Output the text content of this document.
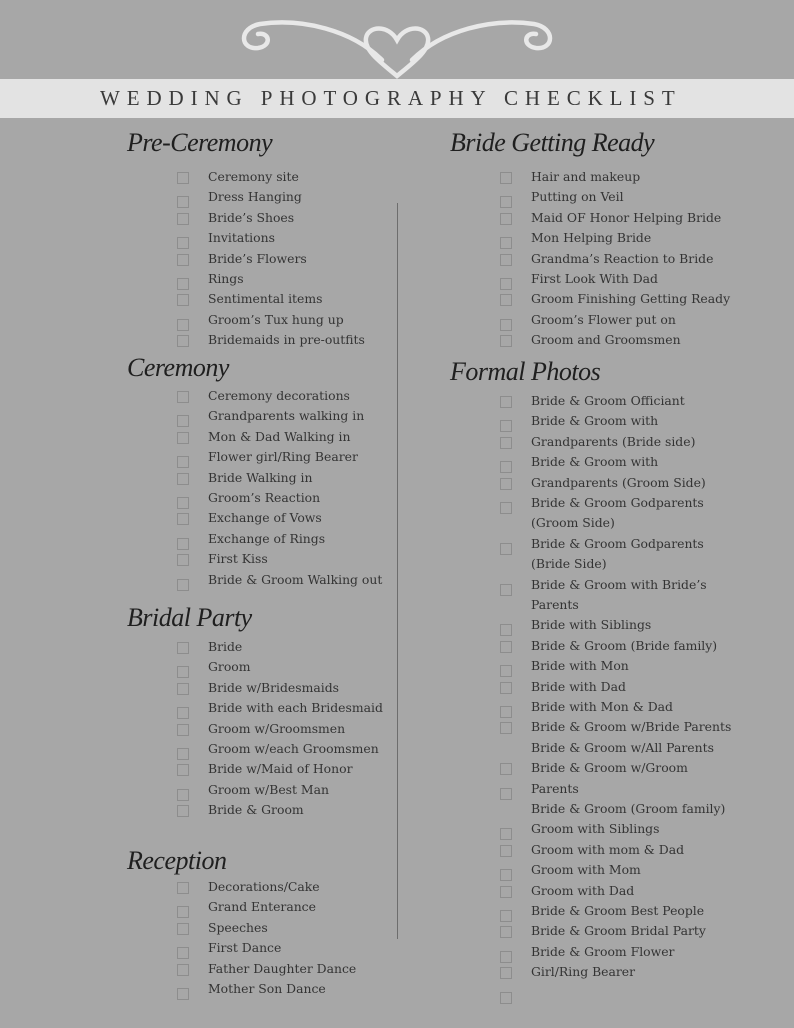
WEDDING PHOTOGRAPHY CHECKLIST
Pre-Ceremony
Ceremony site
Dress Hanging
Bride’s Shoes
Invitations
Bride’s Flowers
Rings
Sentimental items
Groom’s Tux hung up
Bridemaids in pre-outfits
Ceremony
Ceremony decorations
Grandparents walking in
Mon & Dad Walking in
Flower girl/Ring Bearer
Bride Walking in
Groom’s Reaction
Exchange of Vows
Exchange of Rings
First Kiss
Bride & Groom Walking out
Bridal Party
Bride
Groom
Bride w/Bridesmaids
Bride with each Bridesmaid
Groom w/Groomsmen
Groom w/each Groomsmen
Bride w/Maid of Honor
Groom w/Best Man
Bride & Groom
Reception
Decorations/Cake
Grand Enterance
Speeches
First Dance
Father Daughter Dance
Mother Son Dance
Bride Getting Ready
Hair and makeup
Putting on Veil
Maid OF Honor Helping Bride
Mon Helping Bride
Grandma’s Reaction to Bride
First Look With Dad
Groom Finishing Getting Ready
Groom’s Flower put on
Groom and Groomsmen
Formal Photos
Bride & Groom Officiant
Bride & Groom with
Grandparents (Bride side)
Bride & Groom with
Grandparents (Groom Side)
Bride & Groom Godparents
(Groom Side)
Bride & Groom Godparents
(Bride Side)
Bride & Groom with Bride’s
Parents
Bride with Siblings
Bride & Groom (Bride family)
Bride with Mon
Bride with Dad
Bride with Mon & Dad
Bride & Groom w/Bride Parents
Bride & Groom w/All Parents
Bride & Groom w/Groom
Parents
Bride & Groom (Groom family)
Groom with Siblings
Groom with mom & Dad
Groom with Mom
Groom with Dad
Bride & Groom Best People
Bride & Groom Bridal Party
Bride & Groom Flower
Girl/Ring Bearer
